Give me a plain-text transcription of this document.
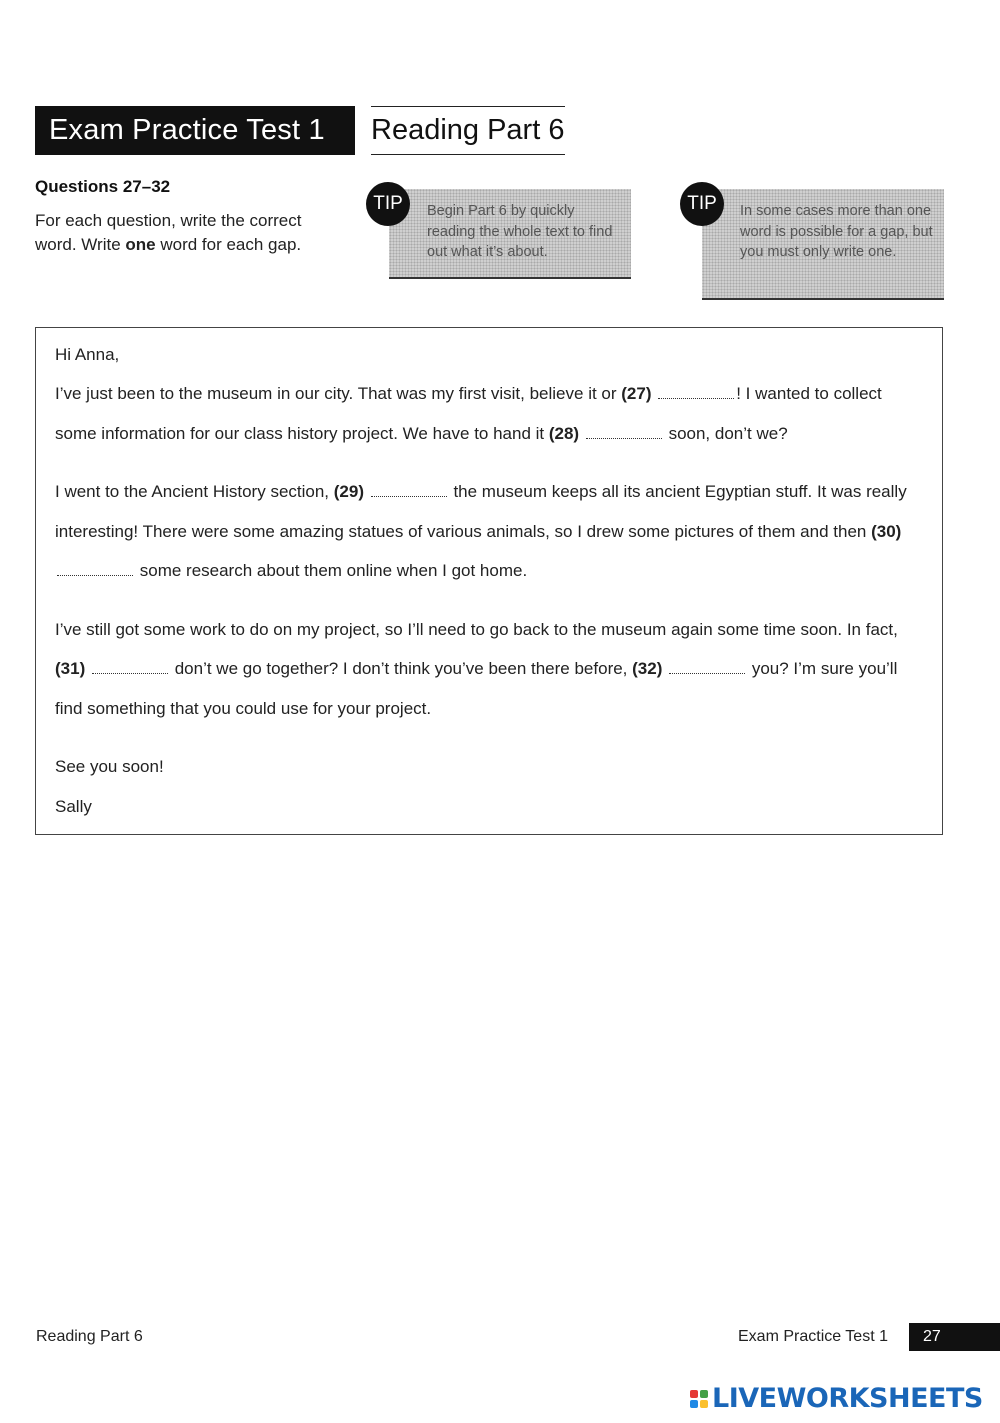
Exam Practice Test 1	Reading Part 6
Questions 27–32
For each question, write the correct word. Write one word for each gap.
Begin Part 6 by quickly reading the whole text to find out what it’s about.
TIP	In some cases more than one word is possible for a gap, but you must only write one.
TIP

Hi Anna,

I’ve just been to the museum in our city. That was my first visit, believe it or (27)	! I wanted to collect some information for our class history project. We have to hand it (28)	soon, don’t we?

I went to the Ancient History section, (29)	the museum keeps all its ancient Egyptian stuff. It was really interesting! There were some amazing statues of various animals, so I drew some pictures of them and then (30)  some research about them online when I got home.

I’ve still got some work to do on my project, so I’ll need to go back to the museum again some time soon. In fact, (31)	don’t we go together? I don’t think you’ve been there before, (32)	you? I’m sure you’ll find something that you could use for your project.

See you soon!

Sally

Reading Part 6	Exam Practice Test 1	27
LIVEWORKSHEETS
